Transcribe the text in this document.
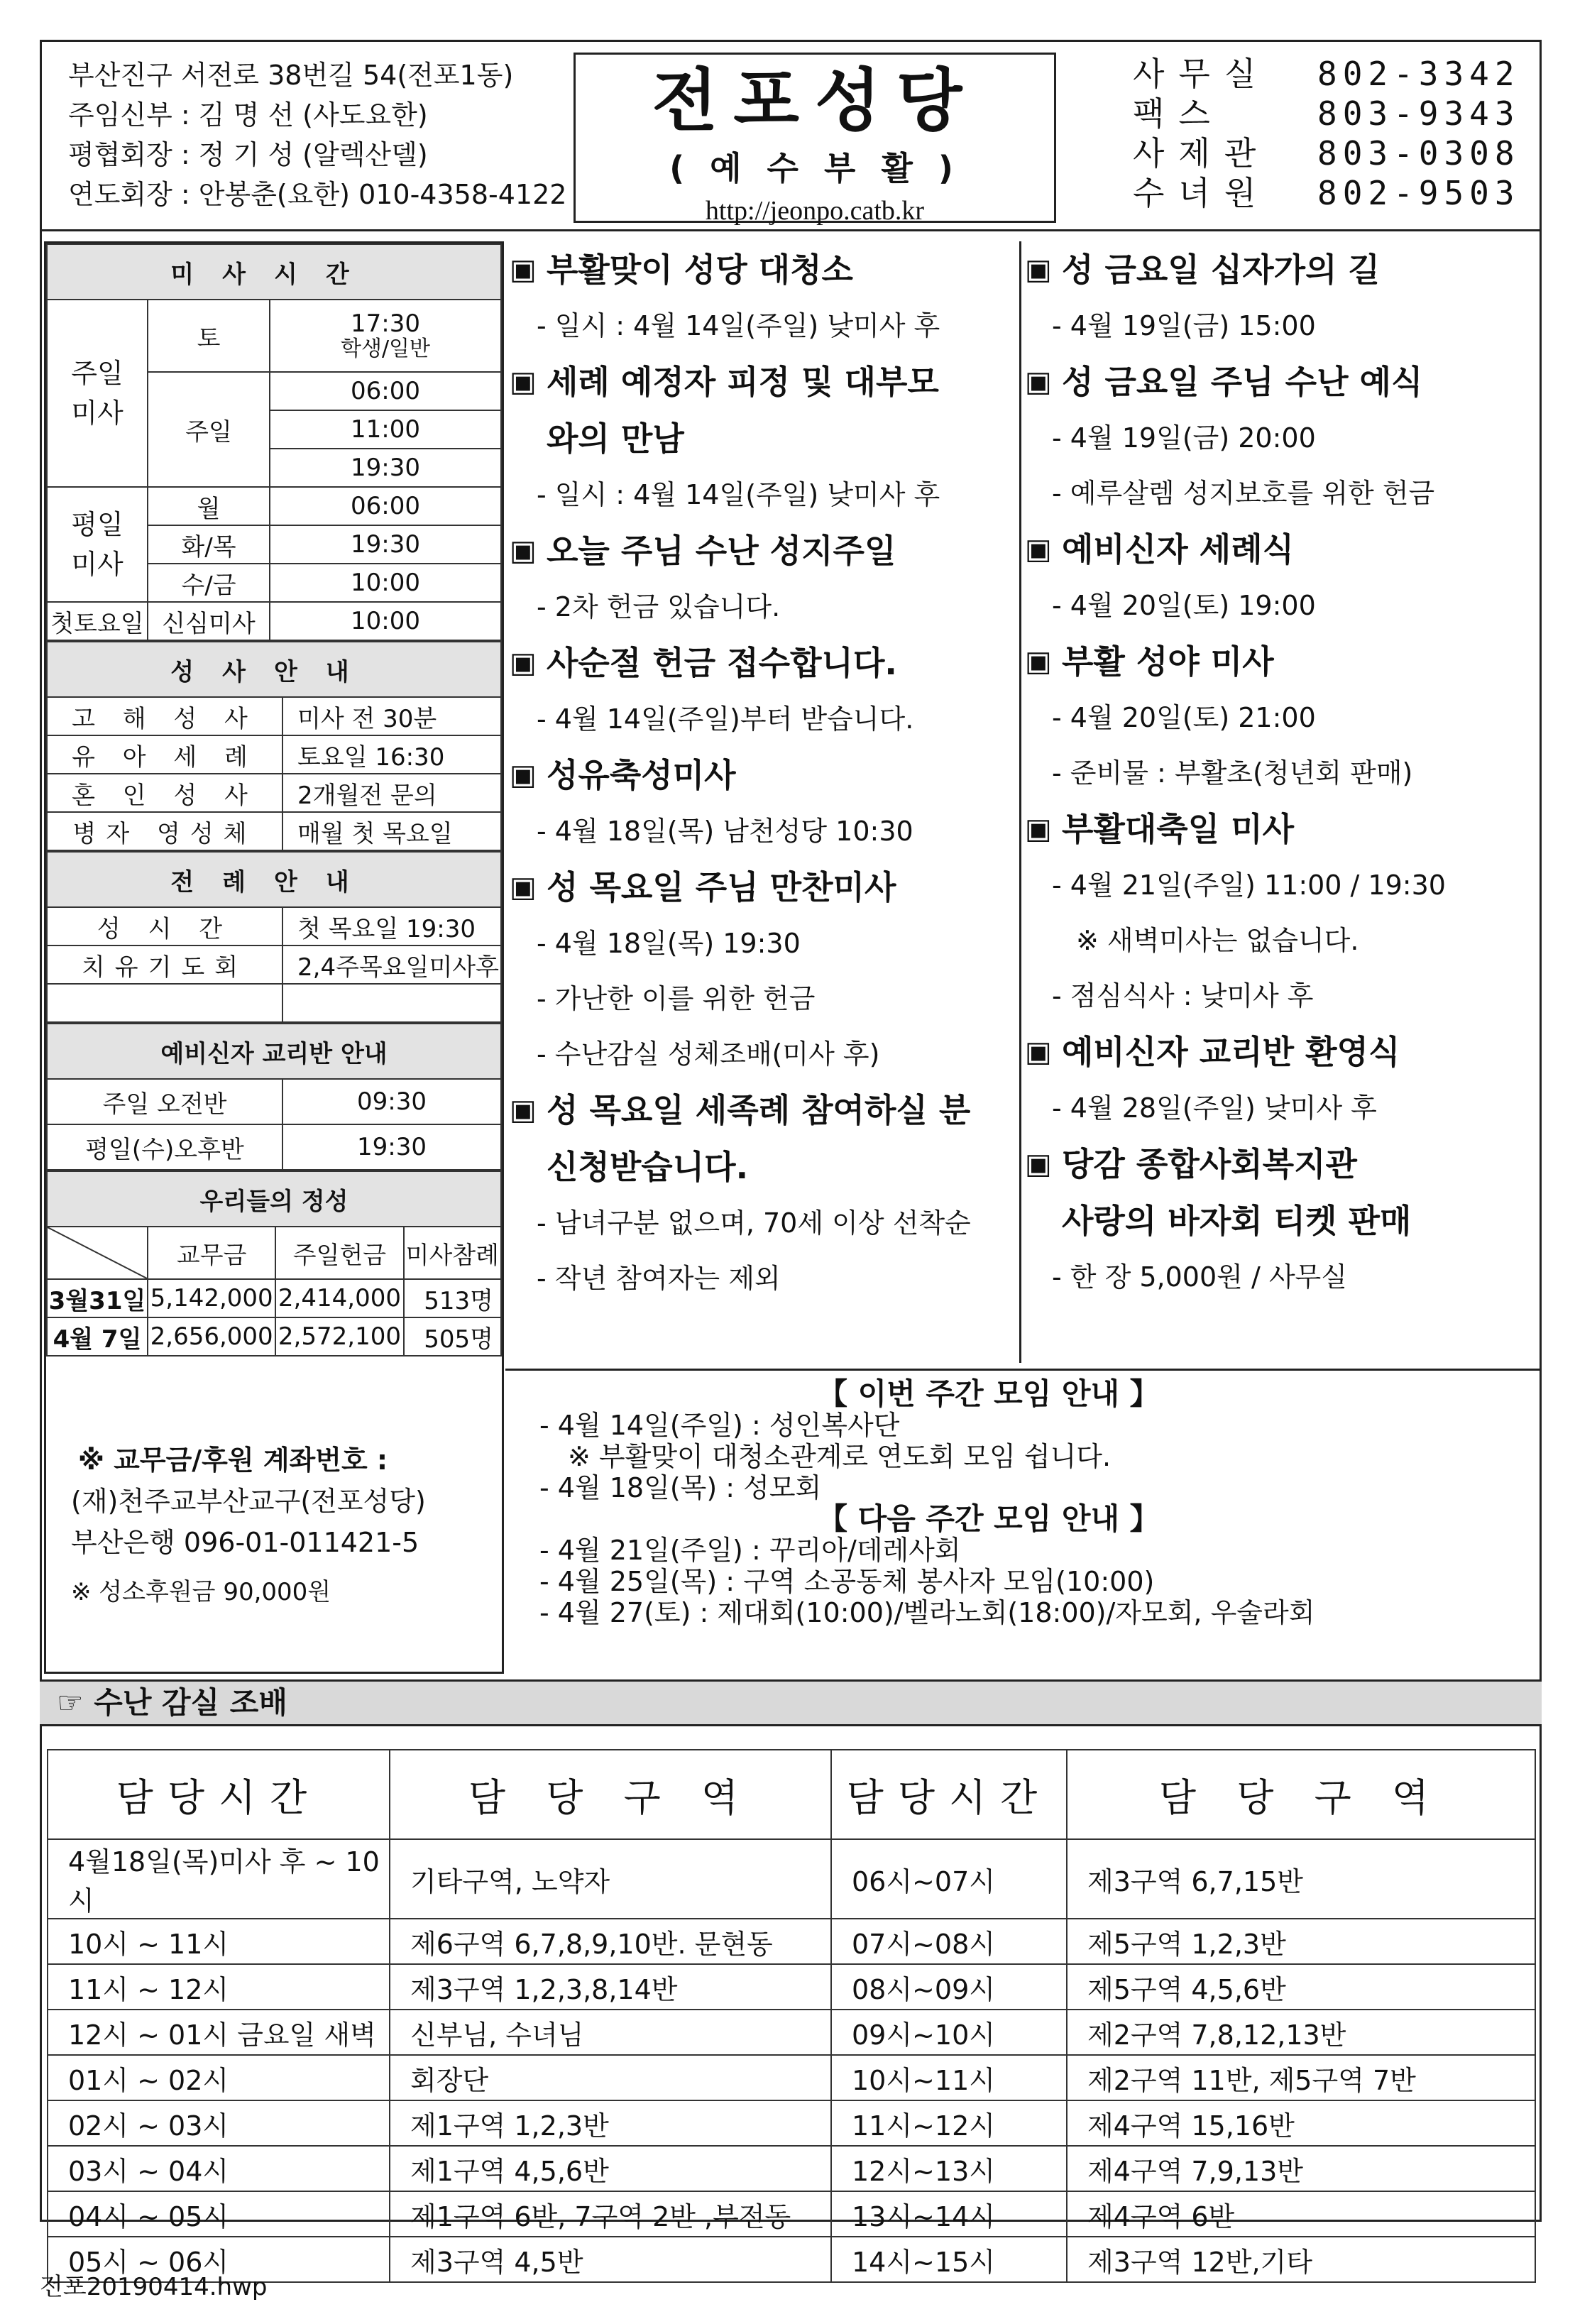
부산진구 서전로 38번길 54(전포1동)
주임신부 : 김 명 선 (사도요한)
평협회장 : 정 기 성 (알렉산델)
연도회장 : 안봉춘(요한) 010-4358-4122
전포성당
( 예 수 부 활 )
http://jeonpo.catb.kr
사무실	802-3342
팩스	803-9343
사제관	803-0308
수녀원	802-9503
미사시간		

주일미사	토	17:30
학생/일반

	주일	06:00
		11:00
		19:30

평일미사	월	06:00
	화/목	19:30
	수/금	10:00
첫토요일	신심미사	10:00
성사안내	
고 해 성 사	미사 전 30분
유 아 세 례	토요일 16:30
혼 인 성 사	2개월전 문의
병자 영성체	매월 첫 목요일
전례안내	
성 시 간	첫 목요일 19:30
치유기도회	2,4주목요일미사후

예비신자 교리반 안내	
주일 오전반	09:30
평일(수)오후반	19:30
우리들의 정성			

	교무금	주일헌금	미사참례
3월31일	5,142,000	2,414,000	513명
4월 7일	2,656,000	2,572,100	505명
※ 교무금/후원 계좌번호 :
(재)천주교부산교구(전포성당)
부산은행 096-01-011421-5
※ 성소후원금 90,000원
▣ 부활맞이 성당 대청소
- 일시 : 4월 14일(주일) 낮미사 후
▣ 세례 예정자 피정 및 대부모
와의 만남
- 일시 : 4월 14일(주일) 낮미사 후
▣ 오늘 주님 수난 성지주일
- 2차 헌금 있습니다.
▣ 사순절 헌금 접수합니다.
- 4월 14일(주일)부터 받습니다.
▣ 성유축성미사
- 4월 18일(목) 남천성당 10:30
▣ 성 목요일 주님 만찬미사
- 4월 18일(목) 19:30
- 가난한 이를 위한 헌금
- 수난감실 성체조배(미사 후)
▣ 성 목요일 세족례 참여하실 분
신청받습니다.
- 남녀구분 없으며, 70세 이상 선착순
- 작년 참여자는 제외
▣ 성 금요일 십자가의 길
- 4월 19일(금) 15:00
▣ 성 금요일 주님 수난 예식
- 4월 19일(금) 20:00
- 예루살렘 성지보호를 위한 헌금
▣ 예비신자 세례식
- 4월 20일(토) 19:00
▣ 부활 성야 미사
- 4월 20일(토) 21:00
- 준비물 : 부활초(청년회 판매)
▣ 부활대축일 미사
- 4월 21일(주일) 11:00 / 19:30
※ 새벽미사는 없습니다.
- 점심식사 : 낮미사 후
▣ 예비신자 교리반 환영식
- 4월 28일(주일) 낮미사 후
▣ 당감 종합사회복지관
사랑의 바자회 티켓 판매
- 한 장 5,000원 / 사무실
【 이번 주간 모임 안내 】
- 4월 14일(주일) : 성인복사단
※ 부활맞이 대청소관계로 연도회 모임 쉽니다.
- 4월 18일(목) : 성모회
【 다음 주간 모임 안내 】
- 4월 21일(주일) : 꾸리아/데레사회
- 4월 25일(목) : 구역 소공동체 봉사자 모임(10:00)
- 4월 27(토) : 제대회(10:00)/벨라노회(18:00)/자모회, 우술라회
☞ 수난 감실 조배
담당시간	담 당 구 역	담당시간	담 당 구 역
4월18일(목)미사 후 ~ 10시	기타구역, 노약자	06시~07시	제3구역 6,7,15반
10시 ~ 11시	제6구역 6,7,8,9,10반. 문현동	07시~08시	제5구역 1,2,3반
11시 ~ 12시	제3구역 1,2,3,8,14반	08시~09시	제5구역 4,5,6반
12시 ~ 01시 금요일 새벽	신부님, 수녀님	09시~10시	제2구역 7,8,12,13반
01시 ~ 02시	회장단	10시~11시	제2구역 11반, 제5구역 7반
02시 ~ 03시	제1구역 1,2,3반	11시~12시	제4구역 15,16반
03시 ~ 04시	제1구역 4,5,6반	12시~13시	제4구역 7,9,13반
04시 ~ 05시	제1구역 6반, 7구역 2반 ,부전동	13시~14시	제4구역 6반
05시 ~ 06시	제3구역 4,5반	14시~15시	제3구역 12반,기타
전포20190414.hwp
